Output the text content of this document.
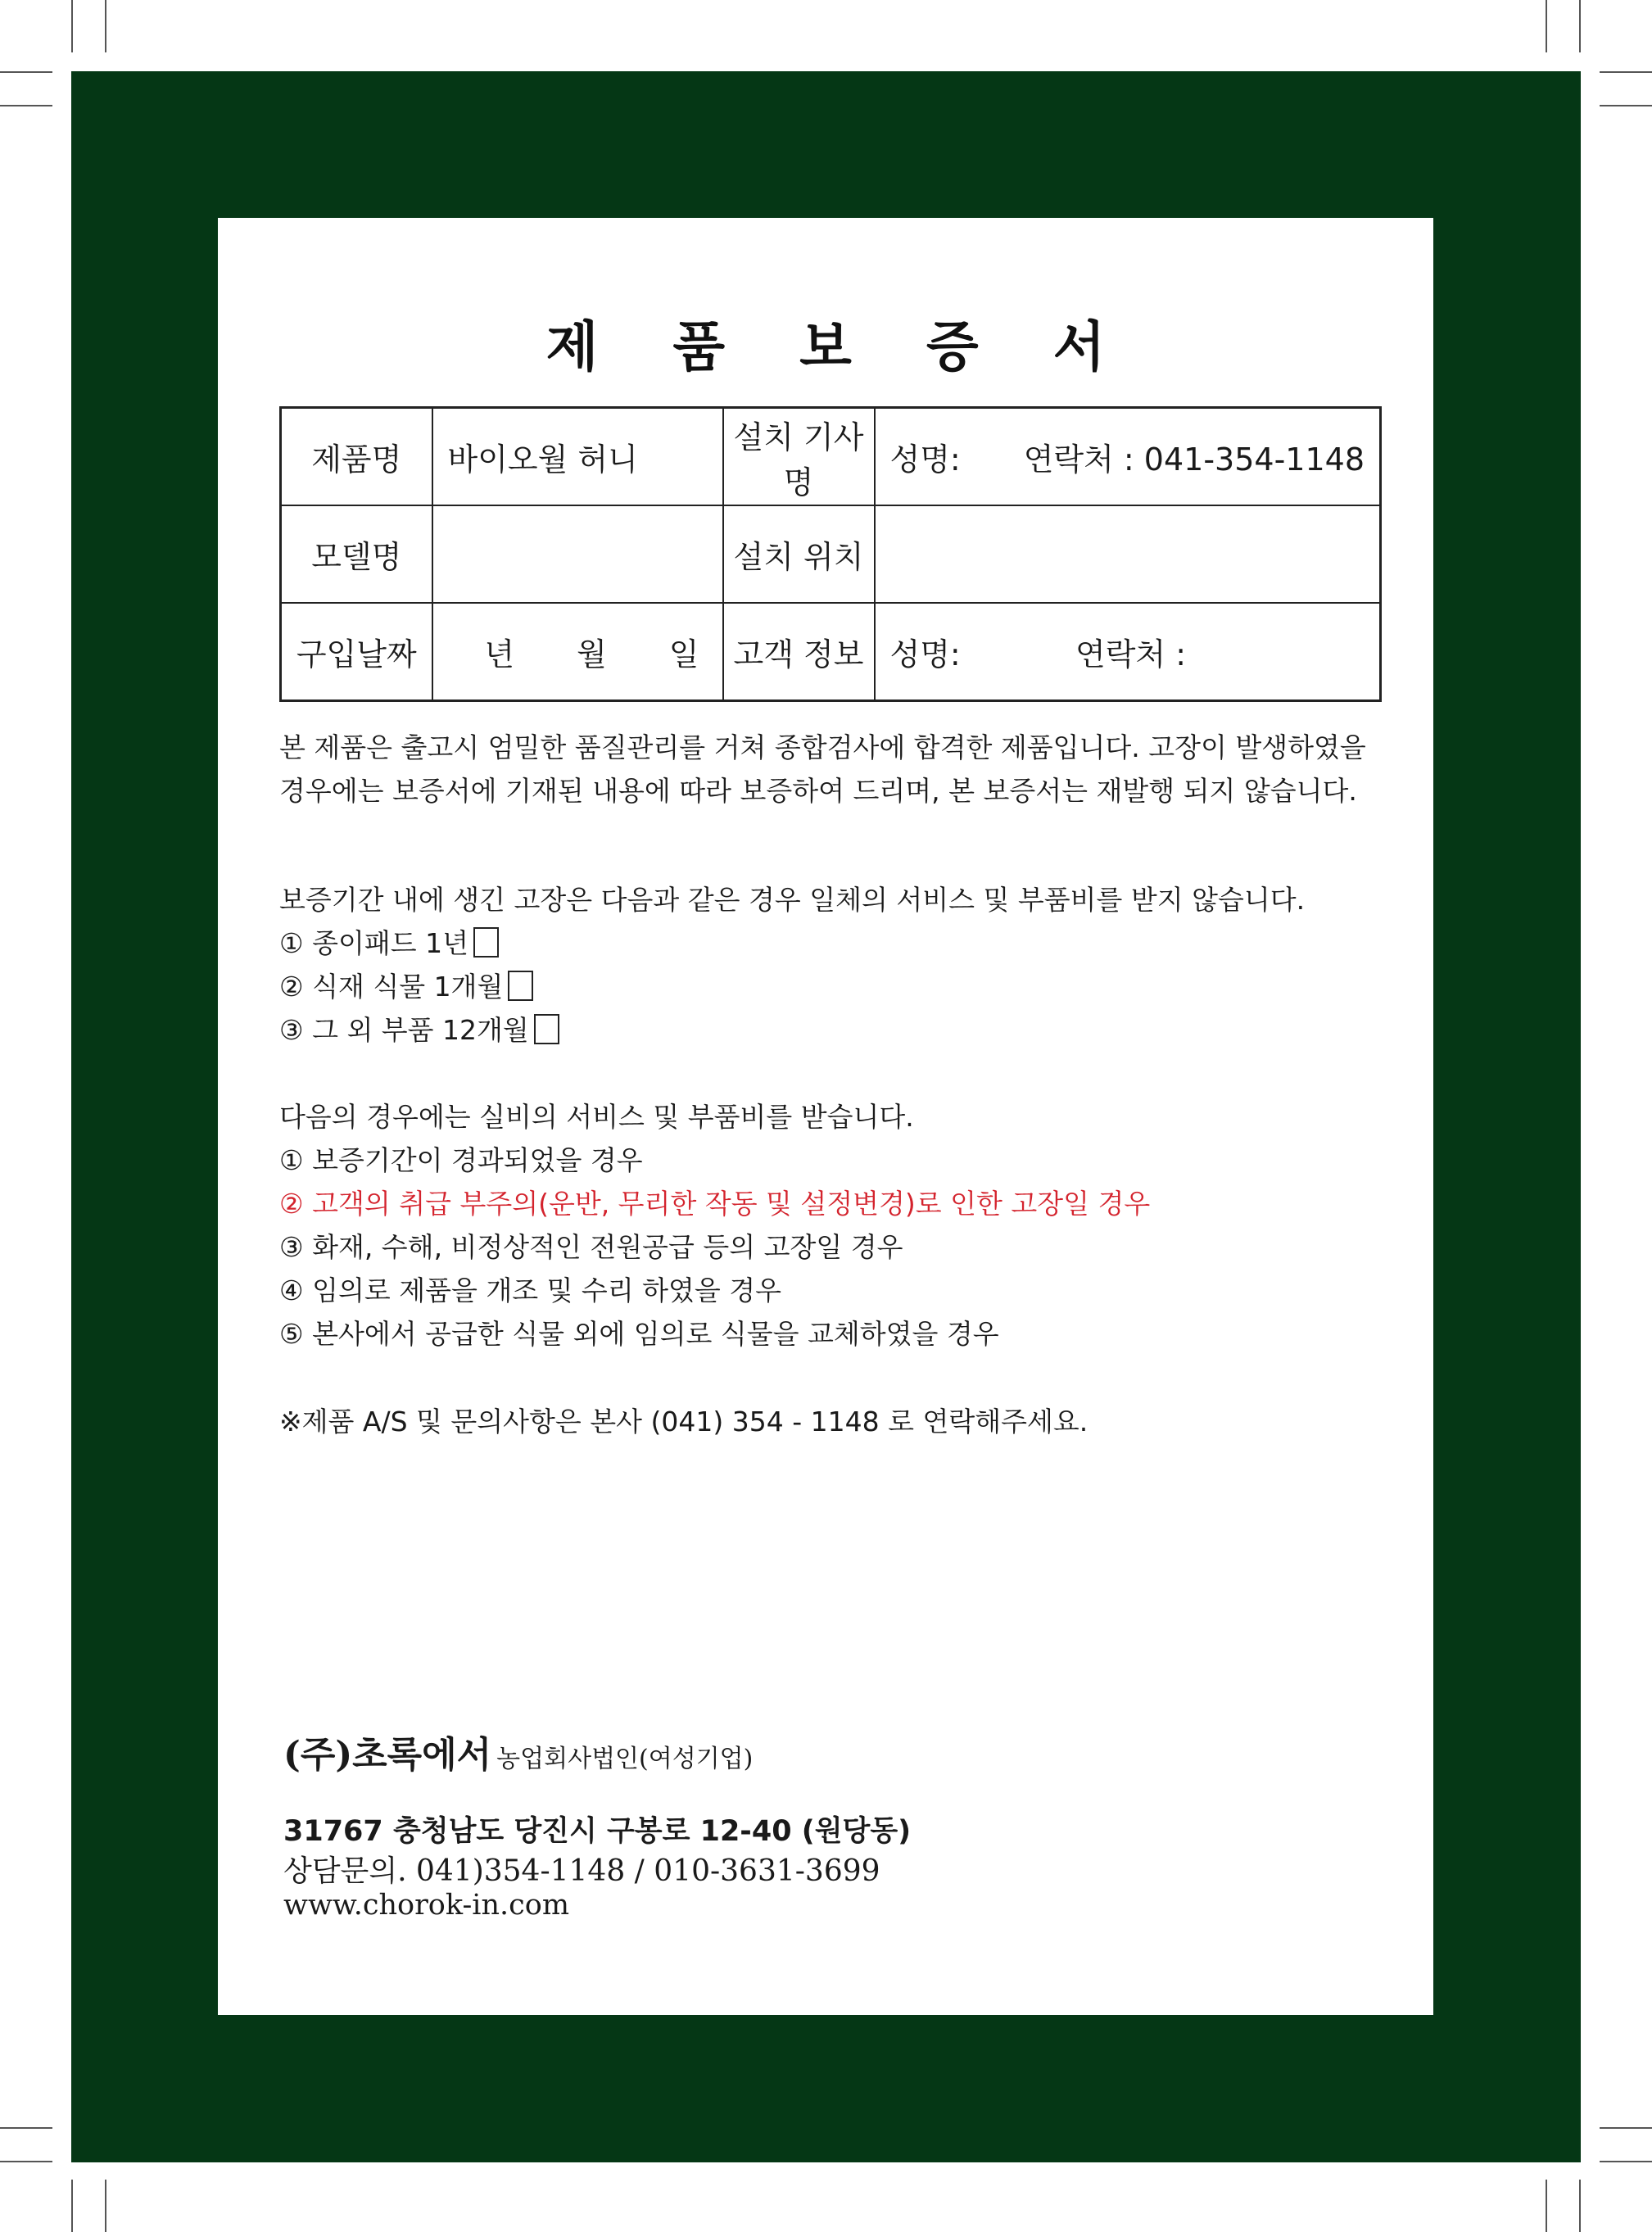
제 품 보 증 서
제품명	바이오월 허니	설치 기사명	성명: 연락처 : 041-354-1148

모델명		설치 위치	
구입날짜	년 월 일	고객 정보	성명: 연락처 :

본 제품은 출고시 엄밀한 품질관리를 거쳐 종합검사에 합격한 제품입니다. 고장이 발생하였을

경우에는 보증서에 기재된 내용에 따라 보증하여 드리며, 본 보증서는 재발행 되지 않습니다.

보증기간 내에 생긴 고장은 다음과 같은 경우 일체의 서비스 및 부품비를 받지 않습니다.

① 종이패드 1년

② 식재 식물 1개월

③ 그 외 부품 12개월

다음의 경우에는 실비의 서비스 및 부품비를 받습니다.

① 보증기간이 경과되었을 경우

② 고객의 취급 부주의(운반, 무리한 작동 및 설정변경)로 인한 고장일 경우

③ 화재, 수해, 비정상적인 전원공급 등의 고장일 경우

④ 임의로 제품을 개조 및 수리 하였을 경우

⑤ 본사에서 공급한 식물 외에 임의로 식물을 교체하였을 경우

※제품 A/S 및 문의사항은 본사 (041) 354 - 1148 로 연락해주세요.

(주)초록에서 농업회사법인(여성기업)
31767 충청남도 당진시 구봉로 12-40 (원당동)
상담문의. 041)354-1148 / 010-3631-3699
www.chorok-in.com
